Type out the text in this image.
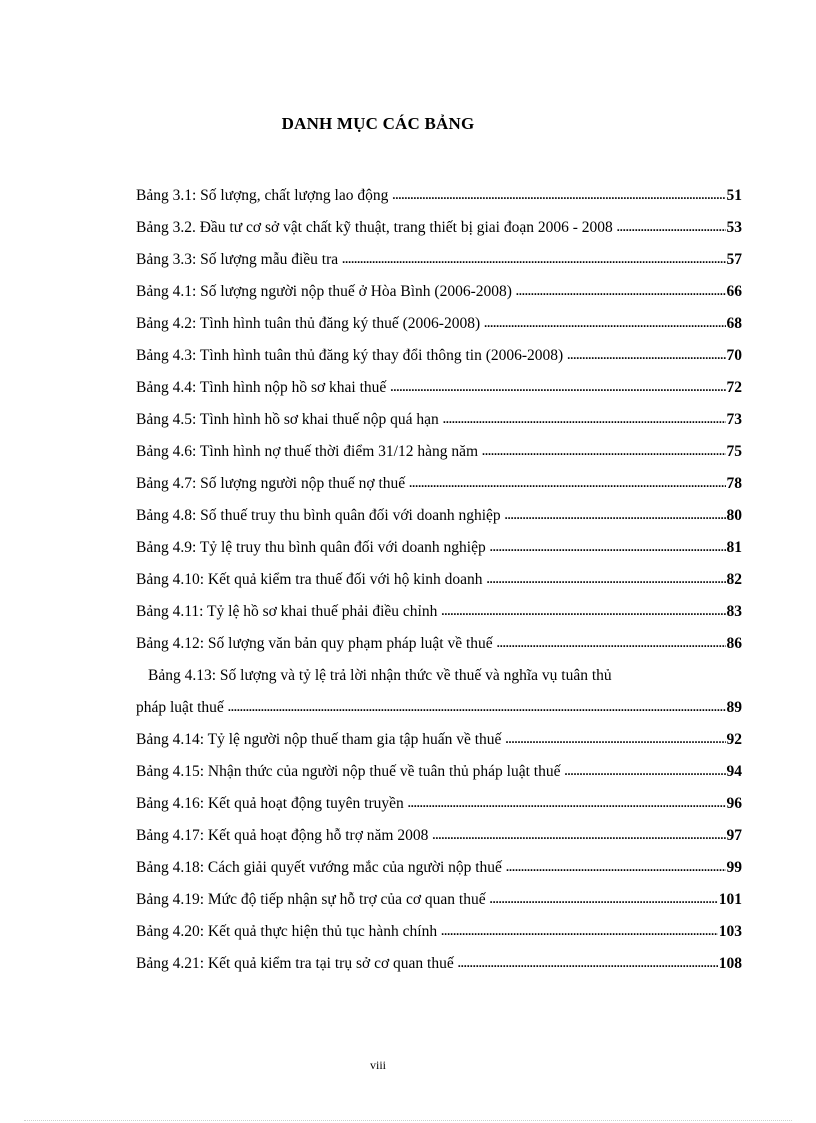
DANH MỤC CÁC BẢNG
Bảng 3.1: Số lượng, chất lượng lao động .....	51
Bảng 3.2. Đầu tư cơ sở vật chất kỹ thuật, trang thiết bị giai đoạn 2006 - 2008 .....	53
Bảng 3.3: Số lượng mẫu điều tra .....	57
Bảng 4.1: Số lượng người nộp thuế ở Hòa Bình (2006-2008) .....	66
Bảng 4.2: Tình hình tuân thủ đăng ký thuế (2006-2008) .....	68
Bảng 4.3: Tình hình tuân thủ đăng ký thay đổi thông tin (2006-2008) .....	70
Bảng 4.4: Tình hình nộp hồ sơ khai thuế .....	72
Bảng 4.5: Tình hình hồ sơ khai thuế nộp quá hạn .....	73
Bảng 4.6: Tình hình nợ thuế thời điểm 31/12 hàng năm .....	75
Bảng 4.7: Số lượng người nộp thuế nợ thuế .....	78
Bảng 4.8: Số thuế truy thu bình quân đối với doanh nghiệp .....	80
Bảng 4.9: Tỷ lệ truy thu bình quân đối với doanh nghiệp .....	81
Bảng 4.10: Kết quả kiểm tra thuế đối với hộ kinh doanh .....	82
Bảng 4.11: Tỷ lệ hồ sơ khai thuế phải điều chỉnh .....	83
Bảng 4.12: Số lượng văn bản quy phạm pháp luật về thuế .....	86
Bảng 4.13: Số lượng và tỷ lệ trả lời nhận thức về thuế và nghĩa vụ tuân thủ
pháp luật thuế .....	89
Bảng 4.14: Tỷ lệ người nộp thuế tham gia tập huấn về thuế .....	92
Bảng 4.15: Nhận thức của người nộp thuế về tuân thủ pháp luật thuế .....	94
Bảng 4.16: Kết quả hoạt động tuyên truyền .....	96
Bảng 4.17: Kết quả hoạt động hỗ trợ năm 2008 .....	97
Bảng 4.18: Cách giải quyết vướng mắc của người nộp thuế .....	99
Bảng 4.19: Mức độ tiếp nhận sự hỗ trợ của cơ quan thuế .....	101
Bảng 4.20: Kết quả thực hiện thủ tục hành chính .....	103
Bảng 4.21: Kết quả kiểm tra tại trụ sở cơ quan thuế .....	108
viii
